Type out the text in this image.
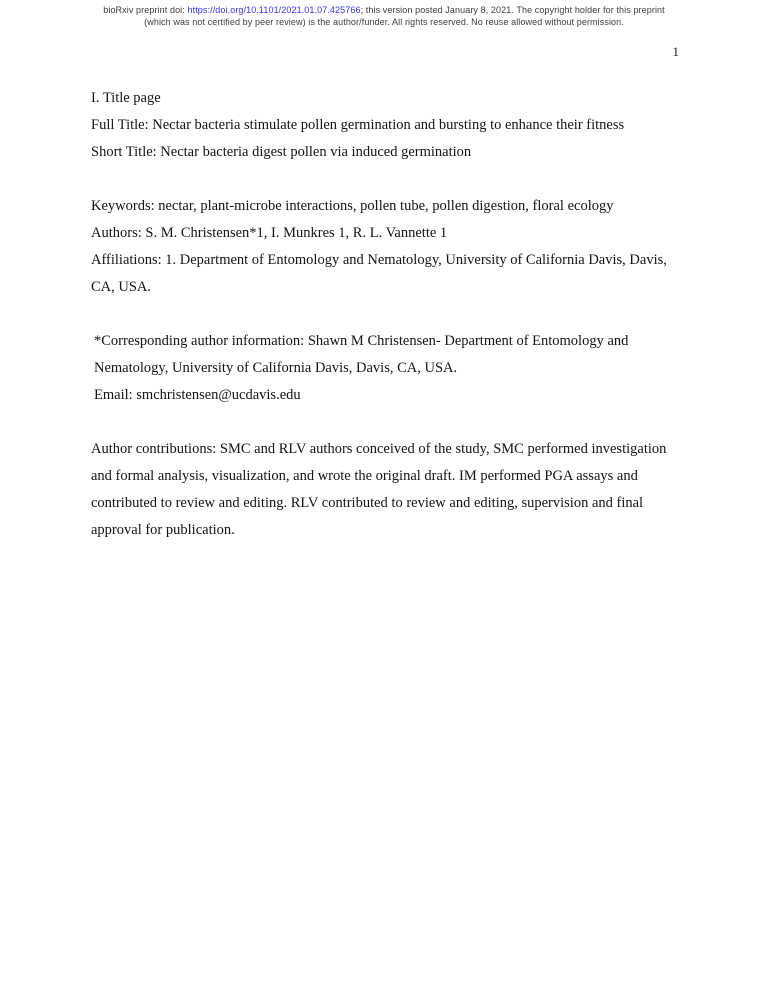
bioRxiv preprint doi: https://doi.org/10.1101/2021.01.07.425766; this version posted January 8, 2021. The copyright holder for this preprint
(which was not certified by peer review) is the author/funder. All rights reserved. No reuse allowed without permission.
1

I. Title page

Full Title: Nectar bacteria stimulate pollen germination and bursting to enhance their fitness

Short Title: Nectar bacteria digest pollen via induced germination

Keywords: nectar, plant-microbe interactions, pollen tube, pollen digestion, floral ecology

Authors: S. M. Christensen*1, I. Munkres 1, R. L. Vannette 1

Affiliations: 1. Department of Entomology and Nematology, University of California Davis, Davis, CA, USA.

*Corresponding author information: Shawn M Christensen- Department of Entomology and Nematology, University of California Davis, Davis, CA, USA.

Email: smchristensen@ucdavis.edu

Author contributions: SMC and RLV authors conceived of the study, SMC performed investigation and formal analysis, visualization, and wrote the original draft. IM performed PGA assays and contributed to review and editing. RLV contributed to review and editing, supervision and final approval for publication.
